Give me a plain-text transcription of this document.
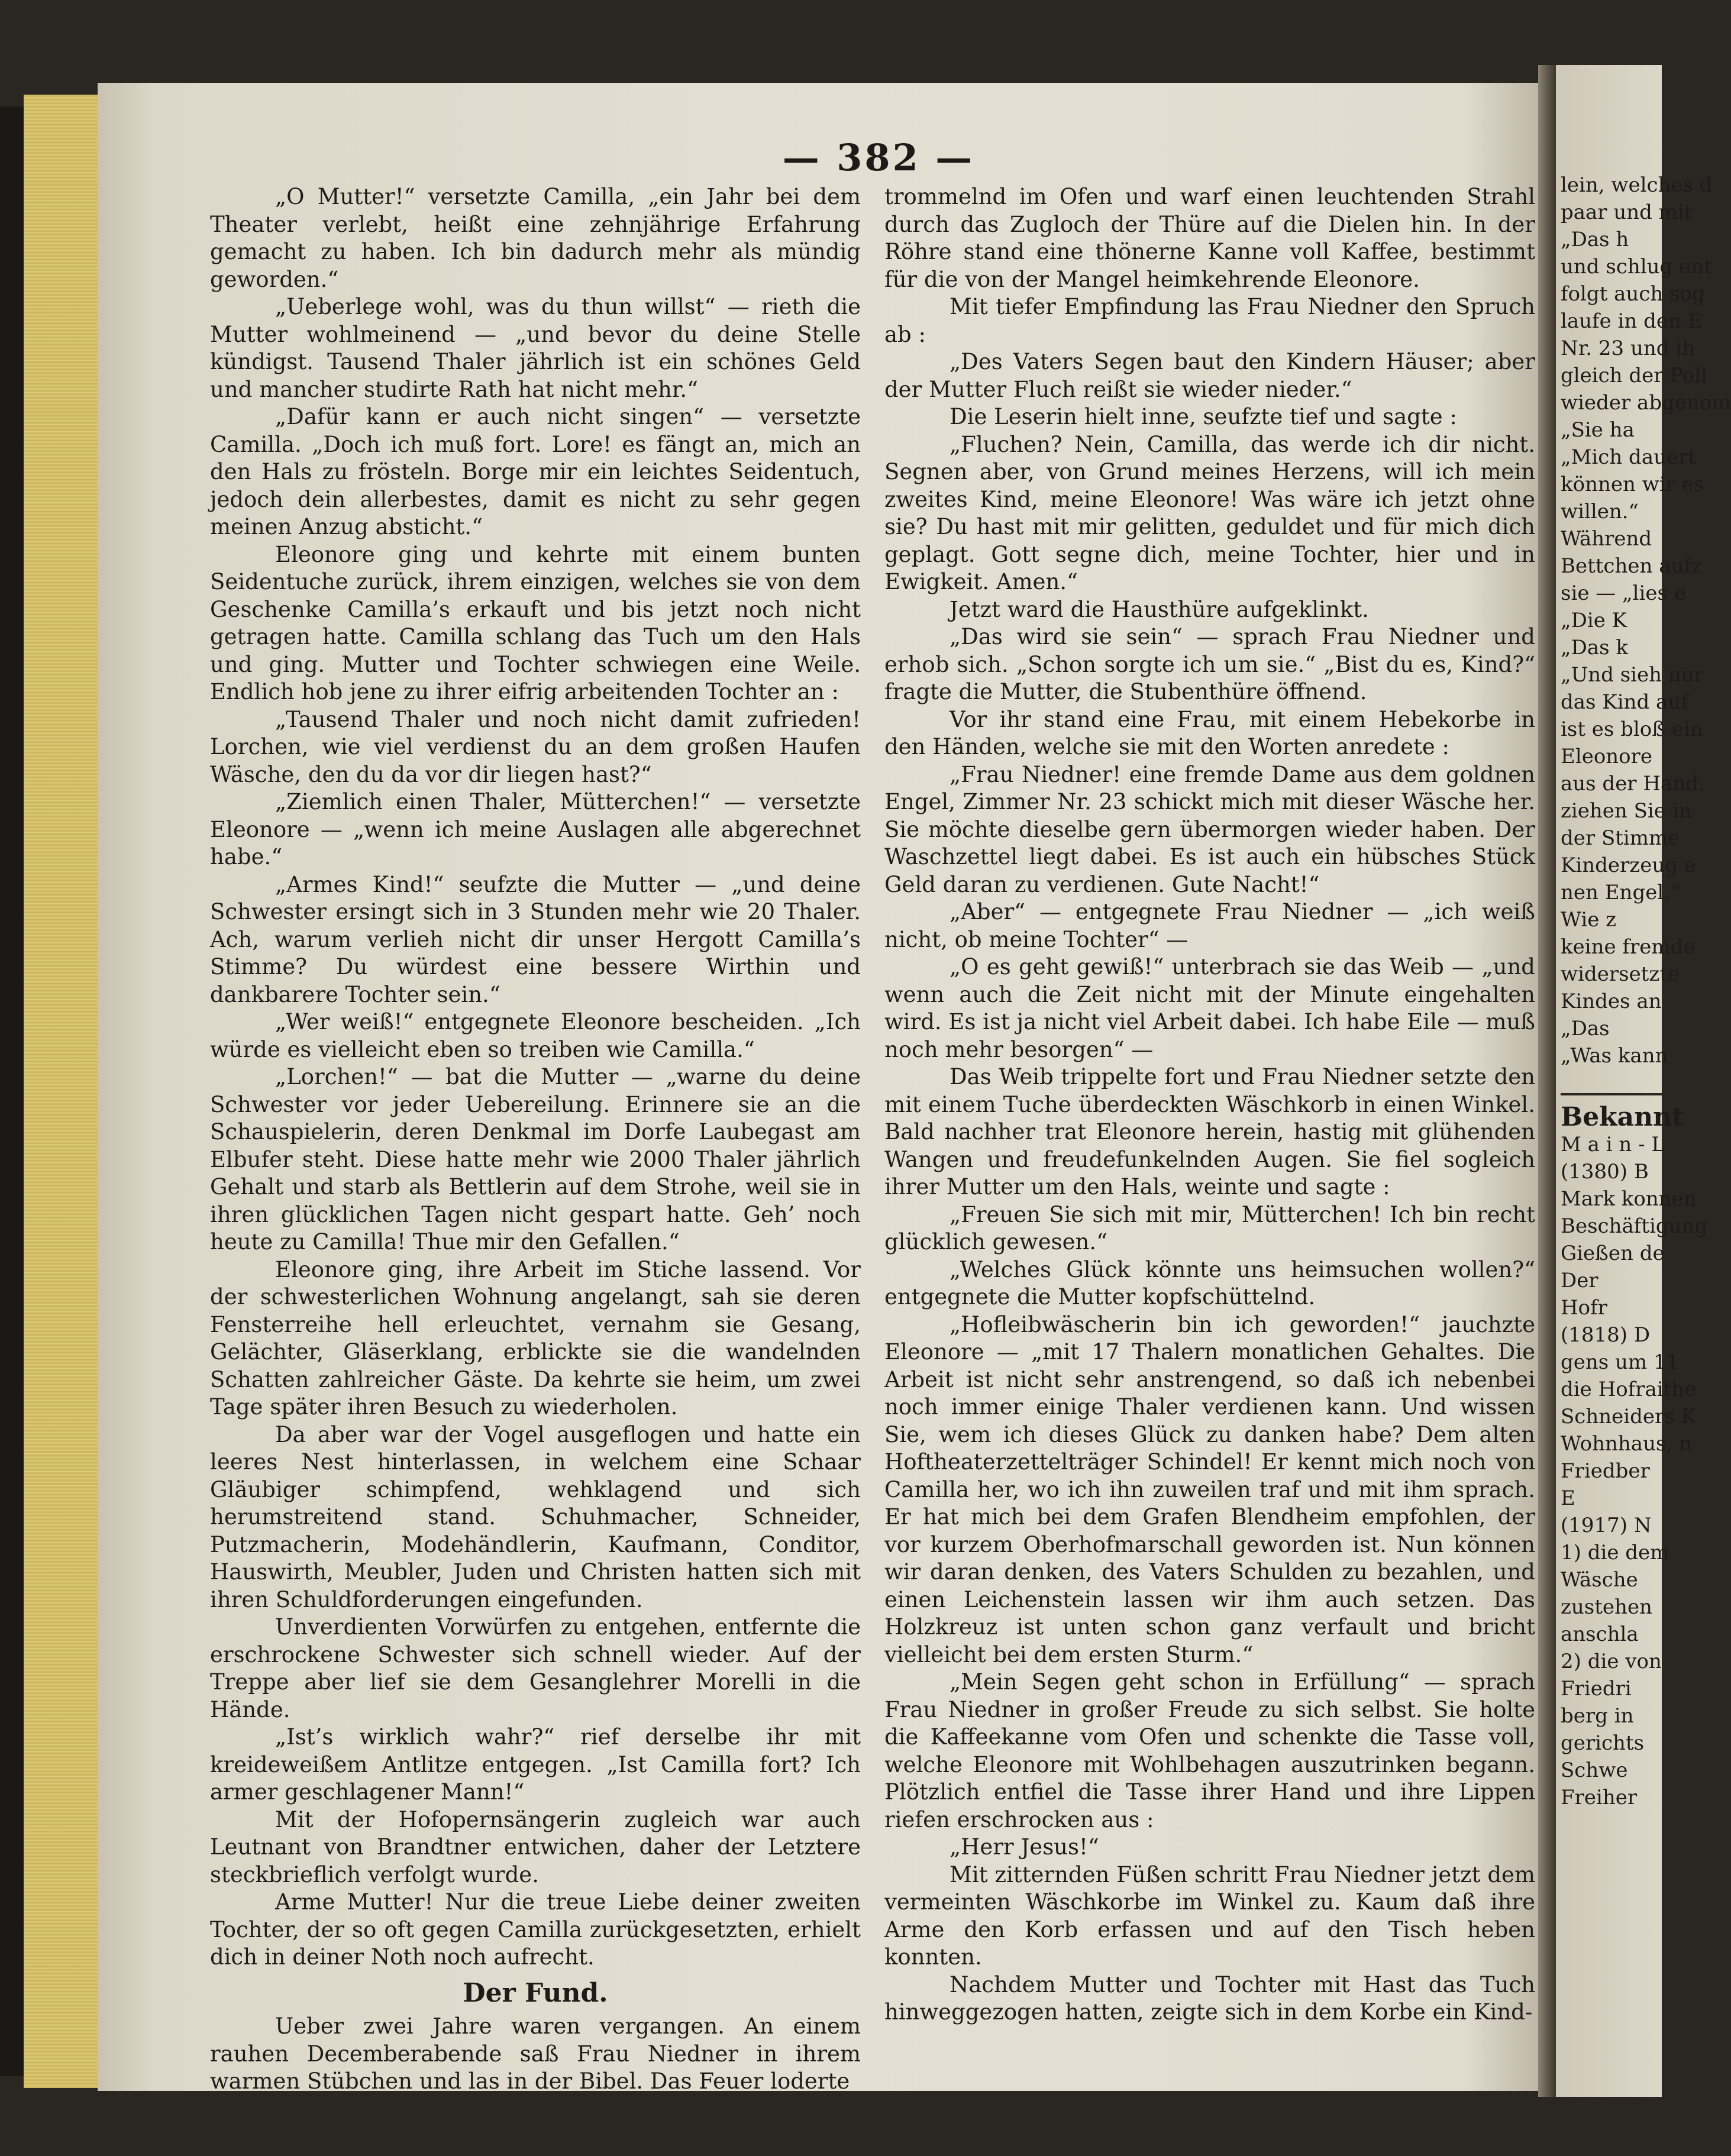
— 382 —

„O Mutter!“ versetzte Camilla, „ein Jahr bei dem Theater verlebt, heißt eine zehnjährige Erfahrung gemacht zu haben. Ich bin dadurch mehr als mündig geworden.“

„Ueberlege wohl, was du thun willst“ — rieth die Mutter wohlmeinend — „und bevor du deine Stelle kündigst. Tausend Thaler jährlich ist ein schönes Geld und mancher studirte Rath hat nicht mehr.“

„Dafür kann er auch nicht singen“ — versetzte Camilla. „Doch ich muß fort. Lore! es fängt an, mich an den Hals zu frösteln. Borge mir ein leichtes Seidentuch, jedoch dein allerbestes, damit es nicht zu sehr gegen meinen Anzug absticht.“

Eleonore ging und kehrte mit einem bunten Seidentuche zurück, ihrem einzigen, welches sie von dem Geschenke Camilla’s erkauft und bis jetzt noch nicht getragen hatte. Camilla schlang das Tuch um den Hals und ging. Mutter und Tochter schwiegen eine Weile. Endlich hob jene zu ihrer eifrig arbeitenden Tochter an :

„Tausend Thaler und noch nicht damit zufrieden! Lorchen, wie viel verdienst du an dem großen Haufen Wäsche, den du da vor dir liegen hast?“

„Ziemlich einen Thaler, Mütterchen!“ — versetzte Eleonore — „wenn ich meine Auslagen alle abgerechnet habe.“

„Armes Kind!“ seufzte die Mutter — „und deine Schwester ersingt sich in 3 Stunden mehr wie 20 Thaler. Ach, warum verlieh nicht dir unser Hergott Camilla’s Stimme? Du würdest eine bessere Wirthin und dankbarere Tochter sein.“

„Wer weiß!“ entgegnete Eleonore bescheiden. „Ich würde es vielleicht eben so treiben wie Camilla.“

„Lorchen!“ — bat die Mutter — „warne du deine Schwester vor jeder Uebereilung. Erinnere sie an die Schauspielerin, deren Denkmal im Dorfe Laubegast am Elbufer steht. Diese hatte mehr wie 2000 Thaler jährlich Gehalt und starb als Bettlerin auf dem Strohe, weil sie in ihren glücklichen Tagen nicht gespart hatte. Geh’ noch heute zu Camilla! Thue mir den Gefallen.“

Eleonore ging, ihre Arbeit im Stiche lassend. Vor der schwesterlichen Wohnung angelangt, sah sie deren Fensterreihe hell erleuchtet, vernahm sie Gesang, Gelächter, Gläserklang, erblickte sie die wandelnden Schatten zahlreicher Gäste. Da kehrte sie heim, um zwei Tage später ihren Besuch zu wiederholen.

Da aber war der Vogel ausgeflogen und hatte ein leeres Nest hinterlassen, in welchem eine Schaar Gläubiger schimpfend, wehklagend und sich herumstreitend stand. Schuhmacher, Schneider, Putzmacherin, Modehändlerin, Kaufmann, Conditor, Hauswirth, Meubler, Juden und Christen hatten sich mit ihren Schuldforderungen eingefunden.

Unverdienten Vorwürfen zu entgehen, entfernte die erschrockene Schwester sich schnell wieder. Auf der Treppe aber lief sie dem Gesanglehrer Morelli in die Hände.

„Ist’s wirklich wahr?“ rief derselbe ihr mit kreideweißem Antlitze entgegen. „Ist Camilla fort? Ich armer geschlagener Mann!“

Mit der Hofopernsängerin zugleich war auch Leutnant von Brandtner entwichen, daher der Letztere steckbrieflich verfolgt wurde.

Arme Mutter! Nur die treue Liebe deiner zweiten Tochter, der so oft gegen Camilla zurückgesetzten, erhielt dich in deiner Noth noch aufrecht.

Der Fund.

Ueber zwei Jahre waren vergangen. An einem rauhen Decemberabende saß Frau Niedner in ihrem warmen Stübchen und las in der Bibel. Das Feuer loderte

trommelnd im Ofen und warf einen leuchtenden Strahl durch das Zugloch der Thüre auf die Dielen hin. In der Röhre stand eine thönerne Kanne voll Kaffee, bestimmt für die von der Mangel heimkehrende Eleonore.

Mit tiefer Empfindung las Frau Niedner den Spruch ab :

„Des Vaters Segen baut den Kindern Häuser; aber der Mutter Fluch reißt sie wieder nieder.“

Die Leserin hielt inne, seufzte tief und sagte :

„Fluchen? Nein, Camilla, das werde ich dir nicht. Segnen aber, von Grund meines Herzens, will ich mein zweites Kind, meine Eleonore! Was wäre ich jetzt ohne sie? Du hast mit mir gelitten, geduldet und für mich dich geplagt. Gott segne dich, meine Tochter, hier und in Ewigkeit. Amen.“

Jetzt ward die Hausthüre aufgeklinkt.

„Das wird sie sein“ — sprach Frau Niedner und erhob sich. „Schon sorgte ich um sie.“ „Bist du es, Kind?“ fragte die Mutter, die Stubenthüre öffnend.

Vor ihr stand eine Frau, mit einem Hebekorbe in den Händen, welche sie mit den Worten anredete :

„Frau Niedner! eine fremde Dame aus dem goldnen Engel, Zimmer Nr. 23 schickt mich mit dieser Wäsche her. Sie möchte dieselbe gern übermorgen wieder haben. Der Waschzettel liegt dabei. Es ist auch ein hübsches Stück Geld daran zu verdienen. Gute Nacht!“

„Aber“ — entgegnete Frau Niedner — „ich weiß nicht, ob meine Tochter“ —

„O es geht gewiß!“ unterbrach sie das Weib — „und wenn auch die Zeit nicht mit der Minute eingehalten wird. Es ist ja nicht viel Arbeit dabei. Ich habe Eile — muß noch mehr besorgen“ —

Das Weib trippelte fort und Frau Niedner setzte den mit einem Tuche überdeckten Wäschkorb in einen Winkel. Bald nachher trat Eleonore herein, hastig mit glühenden Wangen und freudefunkelnden Augen. Sie fiel sogleich ihrer Mutter um den Hals, weinte und sagte :

„Freuen Sie sich mit mir, Mütterchen! Ich bin recht glücklich gewesen.“

„Welches Glück könnte uns heimsuchen wollen?“ entgegnete die Mutter kopfschüttelnd.

„Hofleibwäscherin bin ich geworden!“ jauchzte Eleonore — „mit 17 Thalern monatlichen Gehaltes. Die Arbeit ist nicht sehr anstrengend, so daß ich nebenbei noch immer einige Thaler verdienen kann. Und wissen Sie, wem ich dieses Glück zu danken habe? Dem alten Hoftheaterzettelträger Schindel! Er kennt mich noch von Camilla her, wo ich ihn zuweilen traf und mit ihm sprach. Er hat mich bei dem Grafen Blendheim empfohlen, der vor kurzem Oberhofmarschall geworden ist. Nun können wir daran denken, des Vaters Schulden zu bezahlen, und einen Leichenstein lassen wir ihm auch setzen. Das Holzkreuz ist unten schon ganz verfault und bricht vielleicht bei dem ersten Sturm.“

„Mein Segen geht schon in Erfüllung“ — sprach Frau Niedner in großer Freude zu sich selbst. Sie holte die Kaffeekanne vom Ofen und schenkte die Tasse voll, welche Eleonore mit Wohlbehagen auszutrinken begann. Plötzlich entfiel die Tasse ihrer Hand und ihre Lippen riefen erschrocken aus :

„Herr Jesus!“

Mit zitternden Füßen schritt Frau Niedner jetzt dem vermeinten Wäschkorbe im Winkel zu. Kaum daß ihre Arme den Korb erfassen und auf den Tisch heben konnten.

Nachdem Mutter und Tochter mit Hast das Tuch hinweggezogen hatten, zeigte sich in dem Korbe ein Kind-

lein, welches d
paar und mit
„Das h
und schlug ent
folgt auch sog
laufe in den E
Nr. 23 und ih
gleich der Poli
wieder abgenom
„Sie ha
„Mich dauert
können wir es
willen.“
Während
Bettchen aufz
sie — „lies e
„Die K
„Das k
„Und sieh nur
das Kind auf
ist es bloß ein
Eleonore
aus der Hand,
ziehen Sie in
der Stimme
Kinderzeug e
nen Engel.“
Wie z
keine fremde
widersetzte
Kindes an
„Das
„Was kann
Bekannt
M a i n - L
(1380) B
Mark konnen
Beschäftigung
Gießen de
Der
Hofr
(1818) D
gens um 11
die Hofraithe
Schneiders K
Wohnhaus, n
Friedber
E
(1917) N
1) die dem
Wäsche
zustehen
anschla
2) die von
Friedri
berg in
gerichts
Schwe
Freiher
